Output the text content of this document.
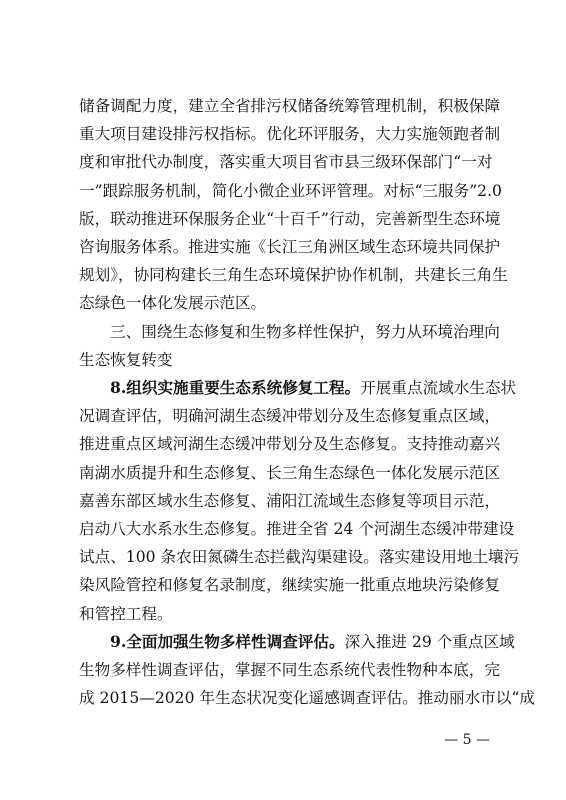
储备调配力度，建立全省排污权储备统筹管理机制，积极保障
重大项目建设排污权指标。优化环评服务，大力实施领跑者制
度和审批代办制度，落实重大项目省市县三级环保部门“一对
一”跟踪服务机制，简化小微企业环评管理。对标“三服务”2.0
版，联动推进环保服务企业“十百千”行动，完善新型生态环境
咨询服务体系。推进实施《长江三角洲区域生态环境共同保护
规划》，协同构建长三角生态环境保护协作机制，共建长三角生
态绿色一体化发展示范区。
三、围绕生态修复和生物多样性保护，努力从环境治理向
生态恢复转变
8.组织实施重要生态系统修复工程。开展重点流域水生态状
况调查评估，明确河湖生态缓冲带划分及生态修复重点区域，
推进重点区域河湖生态缓冲带划分及生态修复。支持推动嘉兴
南湖水质提升和生态修复、长三角生态绿色一体化发展示范区
嘉善东部区域水生态修复、浦阳江流域生态修复等项目示范，
启动八大水系水生态修复。推进全省 24 个河湖生态缓冲带建设
试点、100 条农田氮磷生态拦截沟渠建设。落实建设用地土壤污
染风险管控和修复名录制度，继续实施一批重点地块污染修复
和管控工程。
9.全面加强生物多样性调查评估。深入推进 29 个重点区域
生物多样性调查评估，掌握不同生态系统代表性物种本底，完
成 2015—2020 年生态状况变化遥感调查评估。推动丽水市以“成
— 5 —
